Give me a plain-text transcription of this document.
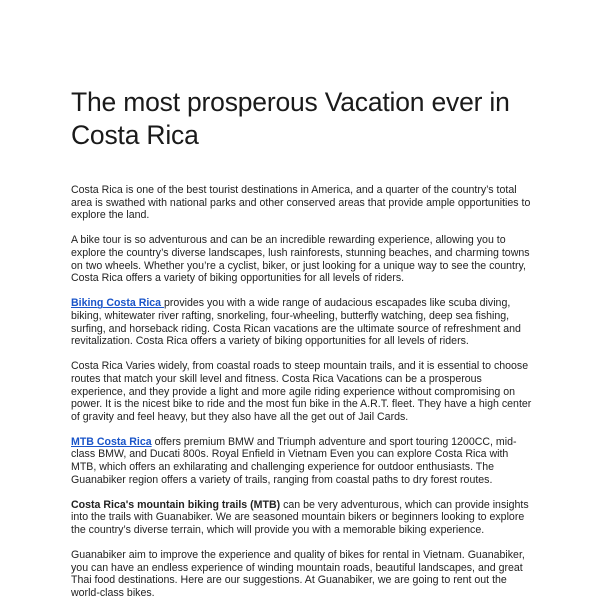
The most prosperous Vacation ever in Costa Rica

Costa Rica is one of the best tourist destinations in America, and a quarter of the country’s total area is swathed with national parks and other conserved areas that provide ample opportunities to explore the land.

A bike tour is so adventurous and can be an incredible rewarding experience, allowing you to explore the country’s diverse landscapes, lush rainforests, stunning beaches, and charming towns on two wheels. Whether you’re a cyclist, biker, or just looking for a unique way to see the country, Costa Rica offers a variety of biking opportunities for all levels of riders.

Biking Costa Rica provides you with a wide range of audacious escapades like scuba diving, biking, whitewater river rafting, snorkeling, four-wheeling, butterfly watching, deep sea fishing, surfing, and horseback riding. Costa Rican vacations are the ultimate source of refreshment and revitalization. Costa Rica offers a variety of biking opportunities for all levels of riders.

Costa Rica Varies widely, from coastal roads to steep mountain trails, and it is essential to choose routes that match your skill level and fitness. Costa Rica Vacations can be a prosperous experience, and they provide a light and more agile riding experience without compromising on power. It is the nicest bike to ride and the most fun bike in the A.R.T. fleet. They have a high center of gravity and feel heavy, but they also have all the get out of Jail Cards.

MTB Costa Rica offers premium BMW and Triumph adventure and sport touring 1200CC, mid-class BMW, and Ducati 800s. Royal Enfield in Vietnam Even you can explore Costa Rica with MTB, which offers an exhilarating and challenging experience for outdoor enthusiasts. The Guanabiker region offers a variety of trails, ranging from coastal paths to dry forest routes.

Costa Rica's mountain biking trails (MTB) can be very adventurous, which can provide insights into the trails with Guanabiker. We are seasoned mountain bikers or beginners looking to explore the country’s diverse terrain, which will provide you with a memorable biking experience.

Guanabiker aim to improve the experience and quality of bikes for rental in Vietnam. Guanabiker, you can have an endless experience of winding mountain roads, beautiful landscapes, and great Thai food destinations. Here are our suggestions. At Guanabiker, we are going to rent out the world-class bikes.
